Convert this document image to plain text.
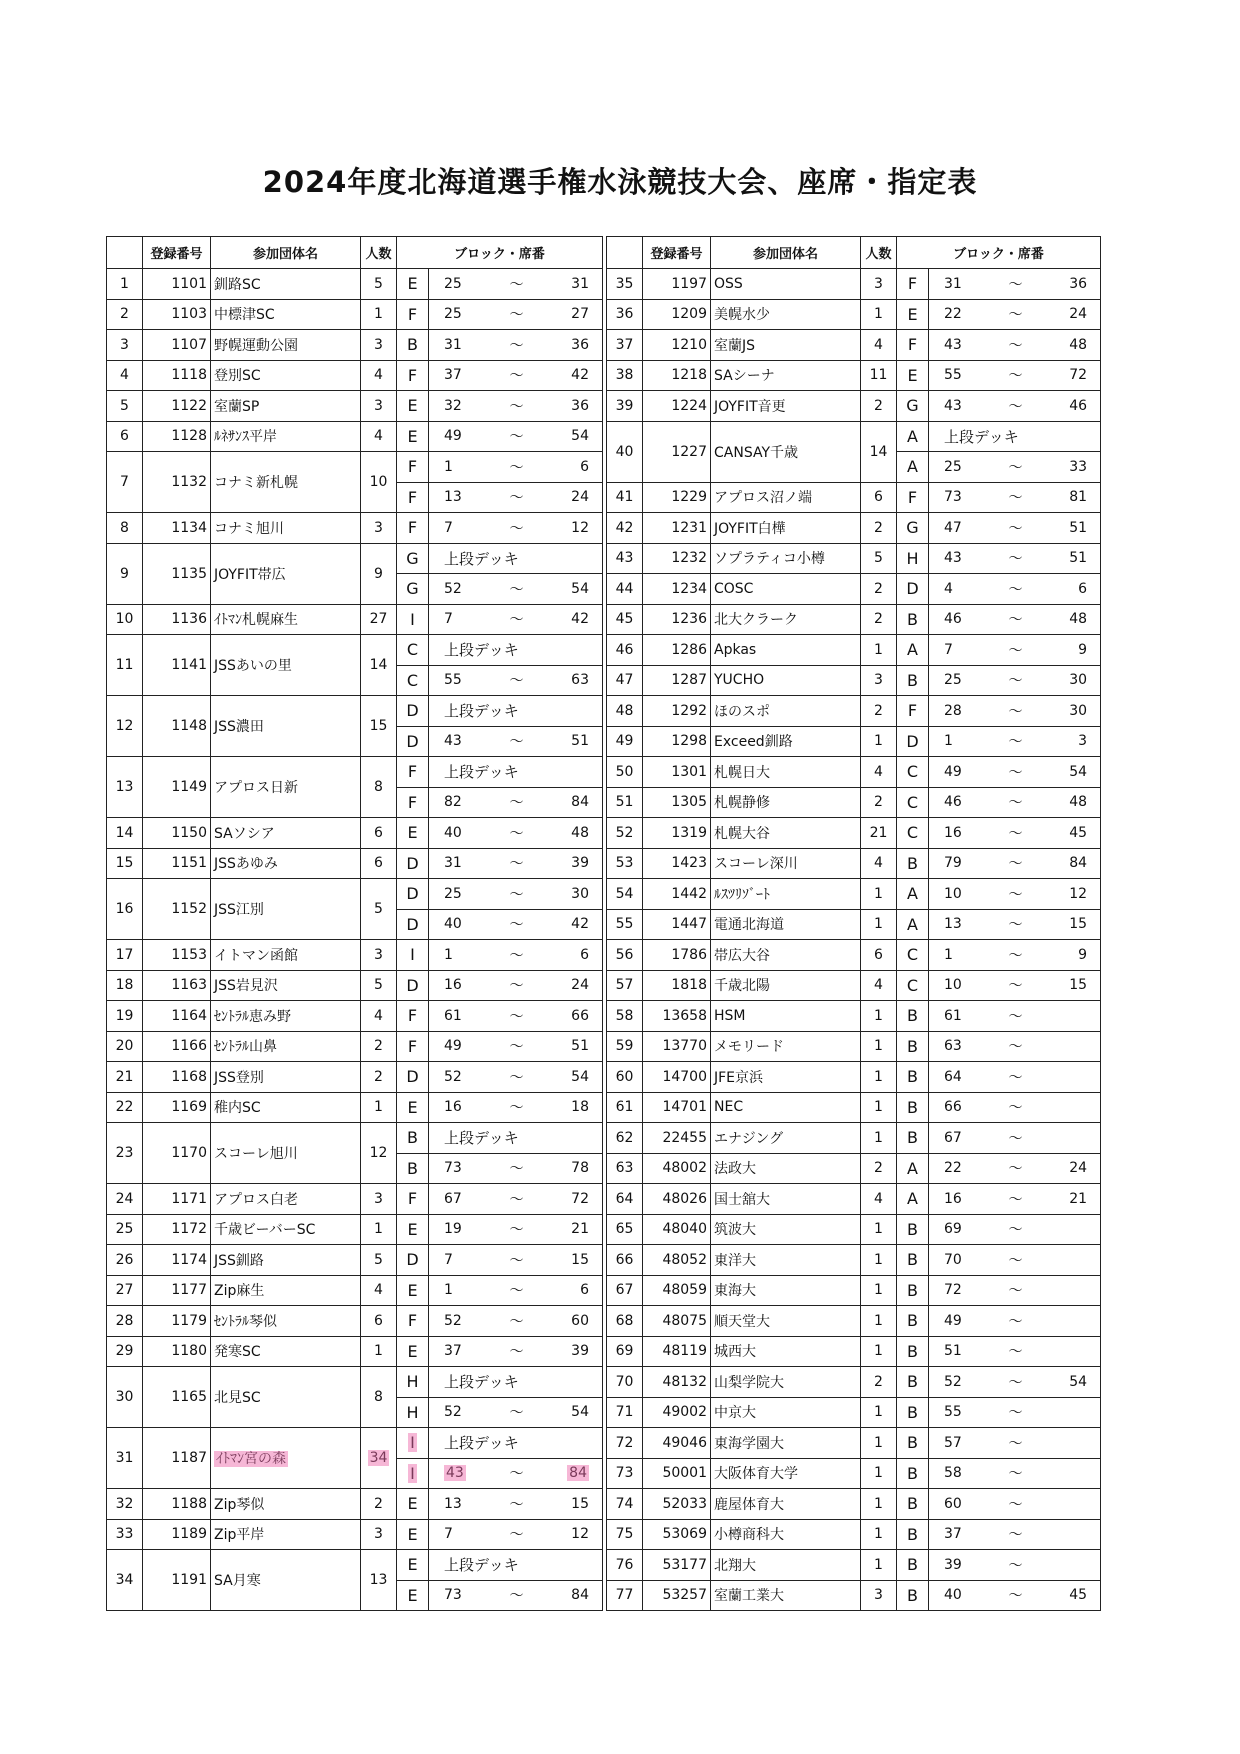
2024年度北海道選手権水泳競技大会、座席・指定表
	登録番号	参加団体名	人数	ブロック・席番	
1	1101	釧路SC	5	E	25 ～ 31

2	1103	中標津SC	1	F	25 ～ 27

3	1107	野幌運動公園	3	B	31 ～ 36

4	1118	登別SC	4	F	37 ～ 42

5	1122	室蘭SP	3	E	32 ～ 36

6	1128	ﾙﾈｻﾝｽ平岸	4	E	49 ～ 54

7	1132	コナミ新札幌	10	F	1 ～ 6

				F	13 ～ 24

8	1134	コナミ旭川	3	F	7 ～ 12

9	1135	JOYFIT帯広	9	G	上段デッキ

				G	52 ～ 54

10	1136	ｲﾄﾏﾝ札幌麻生	27	I	7 ～ 42

11	1141	JSSあいの里	14	C	上段デッキ

				C	55 ～ 63

12	1148	JSS濃田	15	D	上段デッキ

				D	43 ～ 51

13	1149	アプロス日新	8	F	上段デッキ

				F	82 ～ 84

14	1150	SAソシア	6	E	40 ～ 48

15	1151	JSSあゆみ	6	D	31 ～ 39

16	1152	JSS江別	5	D	25 ～ 30

				D	40 ～ 42

17	1153	イトマン函館	3	I	1 ～ 6

18	1163	JSS岩見沢	5	D	16 ～ 24

19	1164	ｾﾝﾄﾗﾙ恵み野	4	F	61 ～ 66

20	1166	ｾﾝﾄﾗﾙ山鼻	2	F	49 ～ 51

21	1168	JSS登別	2	D	52 ～ 54

22	1169	稚内SC	1	E	16 ～ 18

23	1170	スコーレ旭川	12	B	上段デッキ

				B	73 ～ 78

24	1171	アプロス白老	3	F	67 ～ 72

25	1172	千歳ビーバーSC	1	E	19 ～ 21

26	1174	JSS釧路	5	D	7 ～ 15

27	1177	Zip麻生	4	E	1 ～ 6

28	1179	ｾﾝﾄﾗﾙ琴似	6	F	52 ～ 60

29	1180	発寒SC	1	E	37 ～ 39

30	1165	北見SC	8	H	上段デッキ

				H	52 ～ 54

31	1187	ｲﾄﾏﾝ宮の森	34	I	上段デッキ

				I	43 ～ 84

32	1188	Zip琴似	2	E	13 ～ 15

33	1189	Zip平岸	3	E	7 ～ 12

34	1191	SA月寒	13	E	上段デッキ

				E	73 ～ 84
	登録番号	参加団体名	人数	ブロック・席番	
35	1197	OSS	3	F	31 ～ 36

36	1209	美幌水少	1	E	22 ～ 24

37	1210	室蘭JS	4	F	43 ～ 48

38	1218	SAシーナ	11	E	55 ～ 72

39	1224	JOYFIT音更	2	G	43 ～ 46

40	1227	CANSAY千歳	14	A	上段デッキ

				A	25 ～ 33

41	1229	アプロス沼ノ端	6	F	73 ～ 81

42	1231	JOYFIT白樺	2	G	47 ～ 51

43	1232	ソプラティコ小樽	5	H	43 ～ 51

44	1234	COSC	2	D	4 ～ 6

45	1236	北大クラーク	2	B	46 ～ 48

46	1286	Apkas	1	A	7 ～ 9

47	1287	YUCHO	3	B	25 ～ 30

48	1292	ほのスポ	2	F	28 ～ 30

49	1298	Exceed釧路	1	D	1 ～ 3

50	1301	札幌日大	4	C	49 ～ 54

51	1305	札幌静修	2	C	46 ～ 48

52	1319	札幌大谷	21	C	16 ～ 45

53	1423	スコーレ深川	4	B	79 ～ 84

54	1442	ﾙｽﾂﾘｿﾞｰﾄ	1	A	10 ～ 12

55	1447	電通北海道	1	A	13 ～ 15

56	1786	帯広大谷	6	C	1 ～ 9

57	1818	千歳北陽	4	C	10 ～ 15

58	13658	HSM	1	B	61 ～

59	13770	メモリード	1	B	63 ～

60	14700	JFE京浜	1	B	64 ～

61	14701	NEC	1	B	66 ～

62	22455	エナジング	1	B	67 ～

63	48002	法政大	2	A	22 ～ 24

64	48026	国士舘大	4	A	16 ～ 21

65	48040	筑波大	1	B	69 ～

66	48052	東洋大	1	B	70 ～

67	48059	東海大	1	B	72 ～

68	48075	順天堂大	1	B	49 ～

69	48119	城西大	1	B	51 ～

70	48132	山梨学院大	2	B	52 ～ 54

71	49002	中京大	1	B	55 ～

72	49046	東海学園大	1	B	57 ～

73	50001	大阪体育大学	1	B	58 ～

74	52033	鹿屋体育大	1	B	60 ～

75	53069	小樽商科大	1	B	37 ～

76	53177	北翔大	1	B	39 ～

77	53257	室蘭工業大	3	B	40 ～ 45
